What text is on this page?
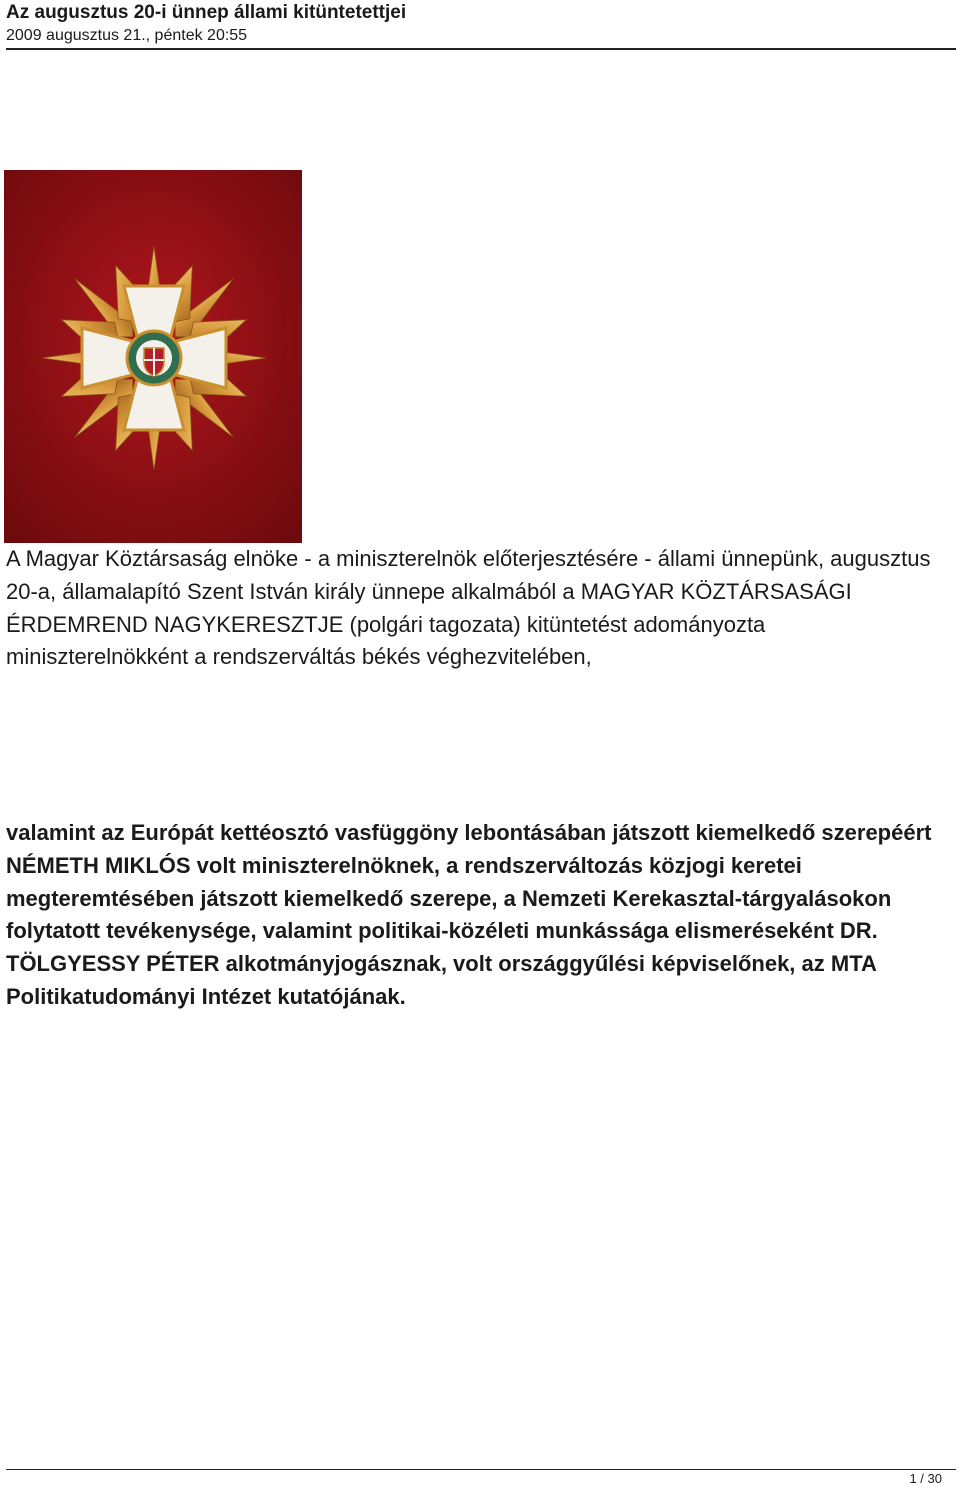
Az augusztus 20-i ünnep állami kitüntetettjei
2009 augusztus 21., péntek 20:55
A Magyar Köztársaság elnöke - a miniszterelnök előterjesztésére - állami ünnepünk, augusztus 20-a, államalapító Szent István király ünnepe alkalmából a MAGYAR KÖZTÁRSASÁGI ÉRDEMREND NAGYKERESZTJE (polgári tagozata) kitüntetést adományozta miniszterelnökként a rendszerváltás békés véghezvitelében,
valamint az Európát kettéosztó vasfüggöny lebontásában játszott kiemelkedő szerepéért NÉMETH MIKLÓS volt miniszterelnöknek, a rendszerváltozás közjogi keretei megteremtésében játszott kiemelkedő szerepe, a Nemzeti Kerekasztal-tárgyalásokon folytatott tevékenysége, valamint politikai-közéleti munkássága elismeréseként DR. TÖLGYESSY PÉTER alkotmányjogásznak, volt országgyűlési képviselőnek, az MTA Politikatudományi Intézet kutatójának.
1 / 30
